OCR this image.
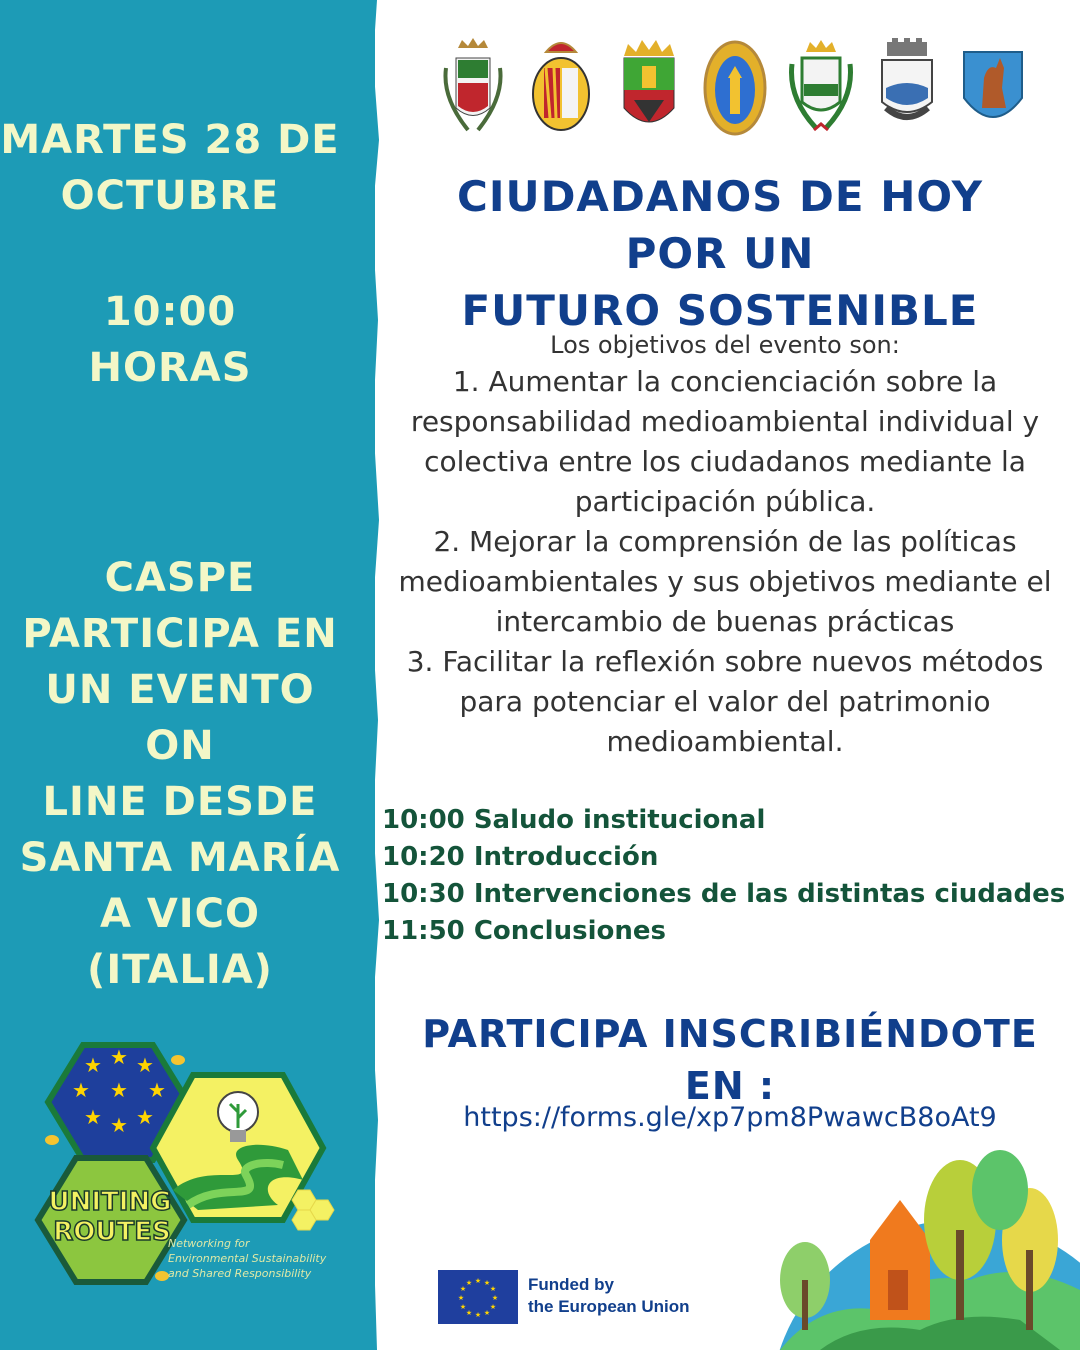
MARTES 28 DE
OCTUBRE
10:00
HORAS
CASPE
PARTICIPA EN
UN EVENTO ON
LINE DESDE
SANTA MARÍA
A VICO
(ITALIA)
★ ★
★
★
★
★
★
★
★
UNITING
ROUTES
Networking for
Environmental Sustainability
and Shared Responsibility
CIUDADANOS DE HOY POR UN
FUTURO SOSTENIBLE
Los objetivos del evento son:
1. Aumentar la concienciación sobre la
responsabilidad medioambiental individual y
colectiva entre los ciudadanos mediante la
participación pública.
2. Mejorar la comprensión de las políticas
medioambientales y sus objetivos mediante el
intercambio de buenas prácticas
3. Facilitar la reflexión sobre nuevos métodos
para potenciar el valor del patrimonio
medioambiental.
10:00 Saludo institucional
10:20 Introducción
10:30 Intervenciones de las distintas ciudades
11:50 Conclusiones
PARTICIPA INSCRIBIÉNDOTE EN :
https://forms.gle/xp7pm8PwawcB8oAt9
★ ★
★
★
★
★
★
★
★
★
★
★	Funded by
the European Union
